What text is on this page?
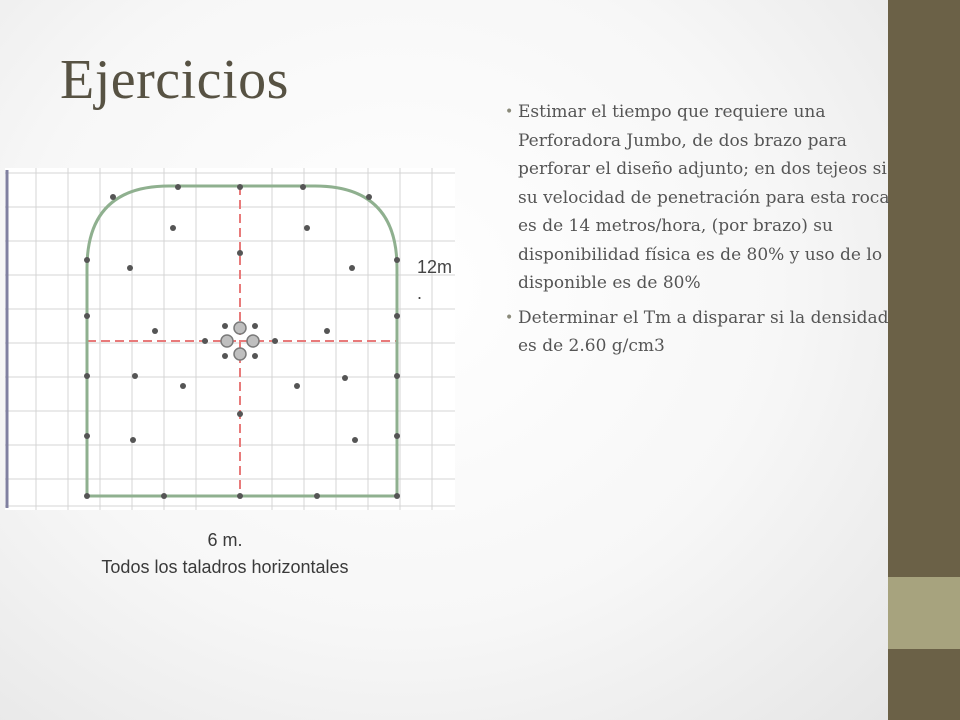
Ejercicios
• Estimar el tiempo que requiere una Perforadora Jumbo, de dos brazo para perforar el diseño adjunto; en dos tejeos si su velocidad de penetración para esta roca es de 14 metros/hora, (por brazo) su disponibilidad física es de 80% y uso de lo disponible es de 80%
• Determinar el Tm a disparar si la densidad es de 2.60 g/cm3
12m
.
6 m.
Todos los taladros horizontales
